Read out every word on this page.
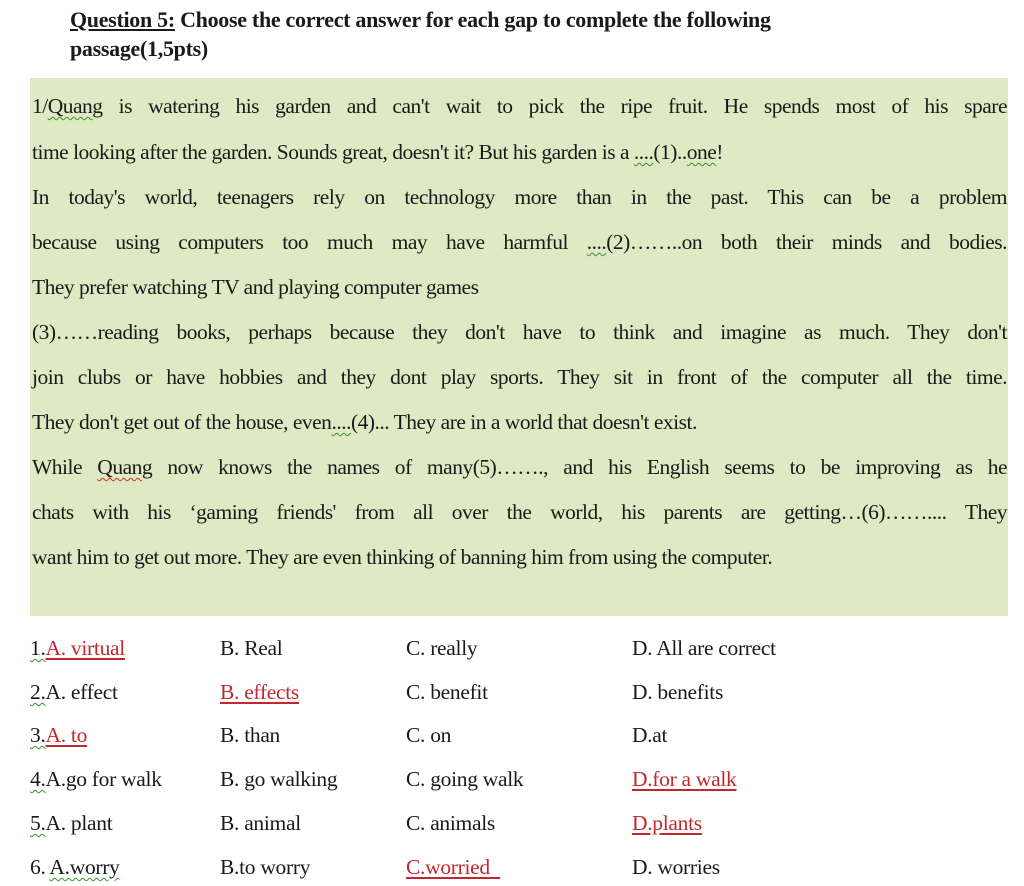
Question 5: Choose the correct answer for each gap to complete the following
passage(1,5pts)
1/Quang is watering his garden and can't wait to pick the ripe fruit. He spends most of his spare
time looking after the garden. Sounds great, doesn't it? But his garden is a ....(1)..one!
In today's world, teenagers rely on technology more than in the past. This can be a problem
because using computers too much may have harmful ....(2)……..on both their minds and bodies.
They prefer watching TV and playing computer games
(3)……reading books, perhaps because they don't have to think and imagine as much. They don't
join clubs or have hobbies and they dont play sports. They sit in front of the computer all the time.
They don't get out of the house, even....(4)... They are in a world that doesn't exist.
While Quang now knows the names of many(5)……., and his English seems to be improving as he
chats with his ‘gaming friends' from all over the world, his parents are getting…(6)…….... They
want him to get out more. They are even thinking of banning him from using the computer.
1.A. virtual	B. Real	C. really	D. All are correct
2.A. effect	B. effects	C. benefit	D. benefits
3.A. to	B. than	C. on	D.at
4.A.go for walk	B. go walking	C. going walk	D.for a walk
5.A. plant	B. animal	C. animals	D.plants
6. A.worry	B.to worry	C.worried	D. worries
